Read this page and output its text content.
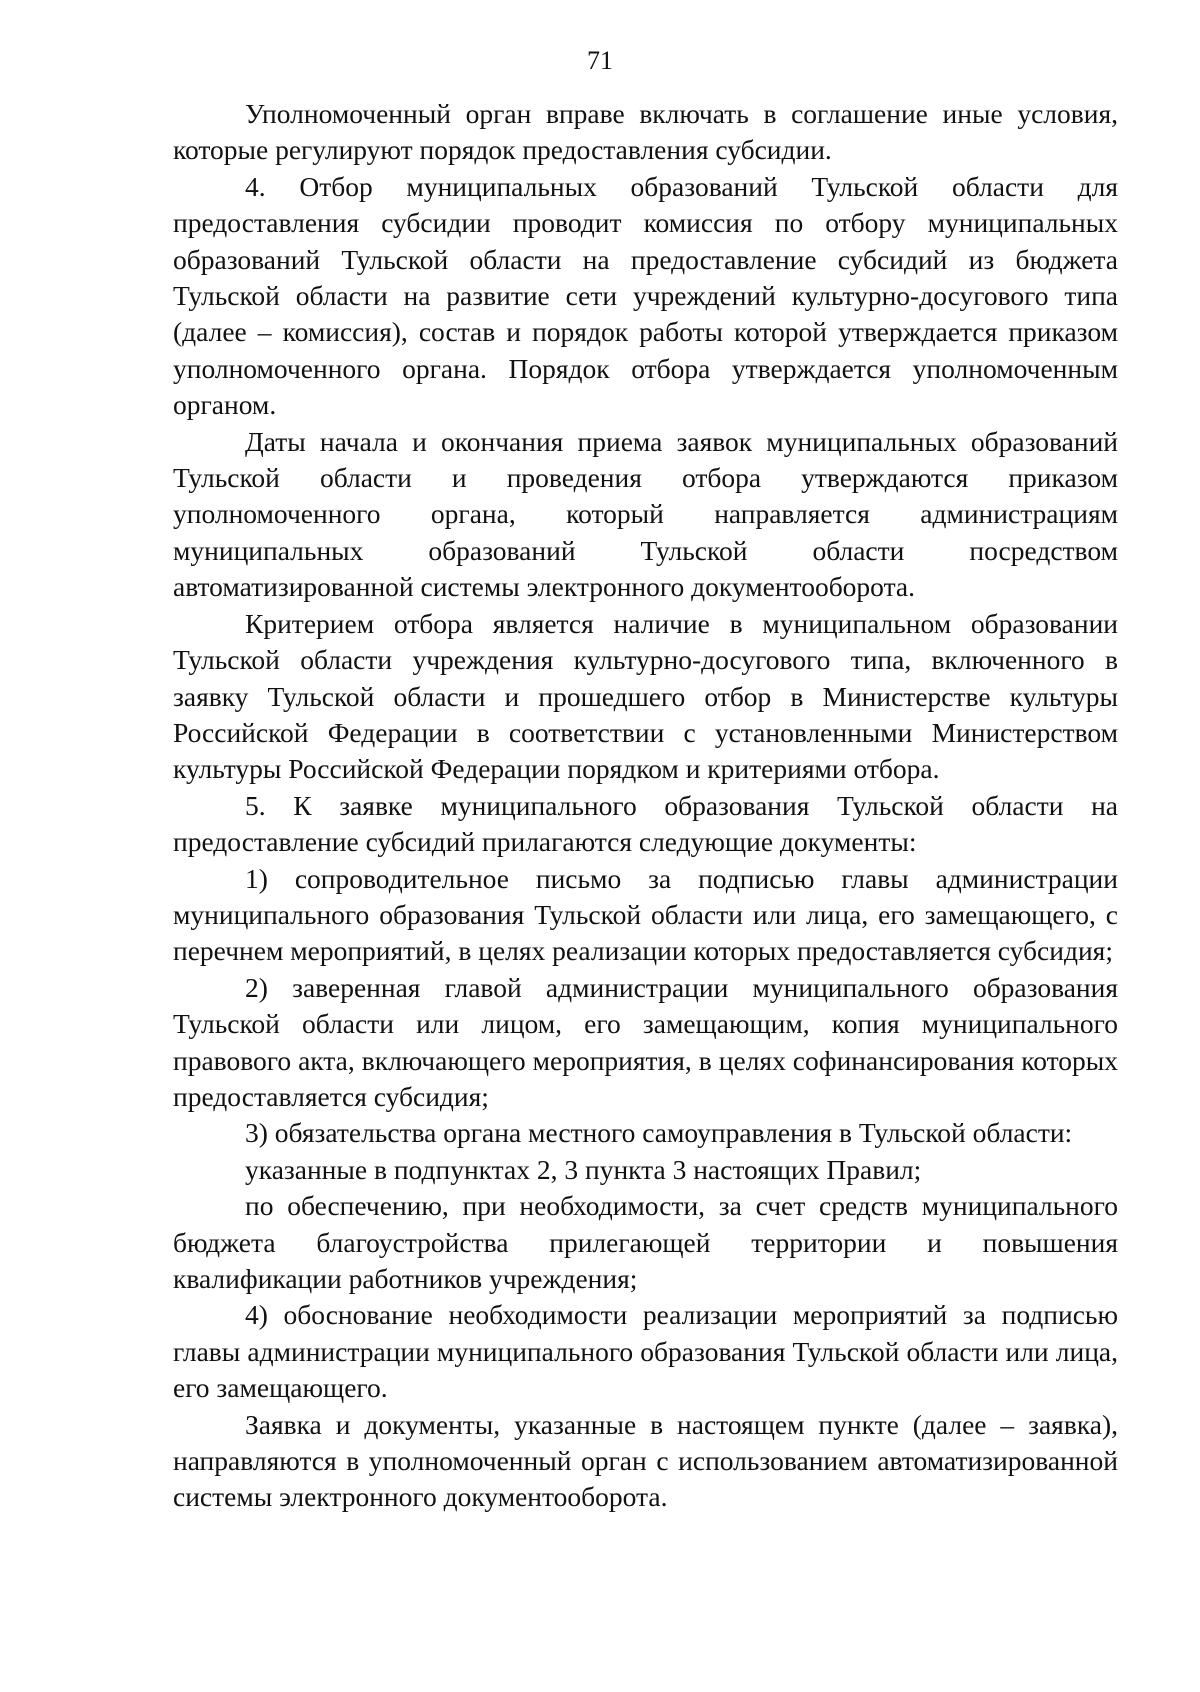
71

Уполномоченный орган вправе включать в соглашение иные условия, которые регулируют порядок предоставления субсидии.

4. Отбор муниципальных образований Тульской области для предоставления субсидии проводит комиссия по отбору муниципальных образований Тульской области на предоставление субсидий из бюджета Тульской области на развитие сети учреждений культурно-досугового типа (далее – комиссия), состав и порядок работы которой утверждается приказом уполномоченного органа. Порядок отбора утверждается уполномоченным органом.

Даты начала и окончания приема заявок муниципальных образований Тульской области и проведения отбора утверждаются приказом уполномоченного органа, который направляется администрациям муниципальных образований Тульской области посредством автоматизированной системы электронного документооборота.

Критерием отбора является наличие в муниципальном образовании Тульской области учреждения культурно-досугового типа, включенного в заявку Тульской области и прошедшего отбор в Министерстве культуры Российской Федерации в соответствии с установленными Министерством культуры Российской Федерации порядком и критериями отбора.

5. К заявке муниципального образования Тульской области на предоставление субсидий прилагаются следующие документы:

1) сопроводительное письмо за подписью главы администрации муниципального образования Тульской области или лица, его замещающего, с перечнем мероприятий, в целях реализации которых предоставляется субсидия;

2) заверенная главой администрации муниципального образования Тульской области или лицом, его замещающим, копия муниципального правового акта, включающего мероприятия, в целях софинансирования которых предоставляется субсидия;

3) обязательства органа местного самоуправления в Тульской области:

указанные в подпунктах 2, 3 пункта 3 настоящих Правил;

по обеспечению, при необходимости, за счет средств муниципального бюджета благоустройства прилегающей территории и повышения квалификации работников учреждения;

4) обоснование необходимости реализации мероприятий за подписью главы администрации муниципального образования Тульской области или лица, его замещающего.

Заявка и документы, указанные в настоящем пункте (далее – заявка), направляются в уполномоченный орган с использованием автоматизированной системы электронного документооборота.
